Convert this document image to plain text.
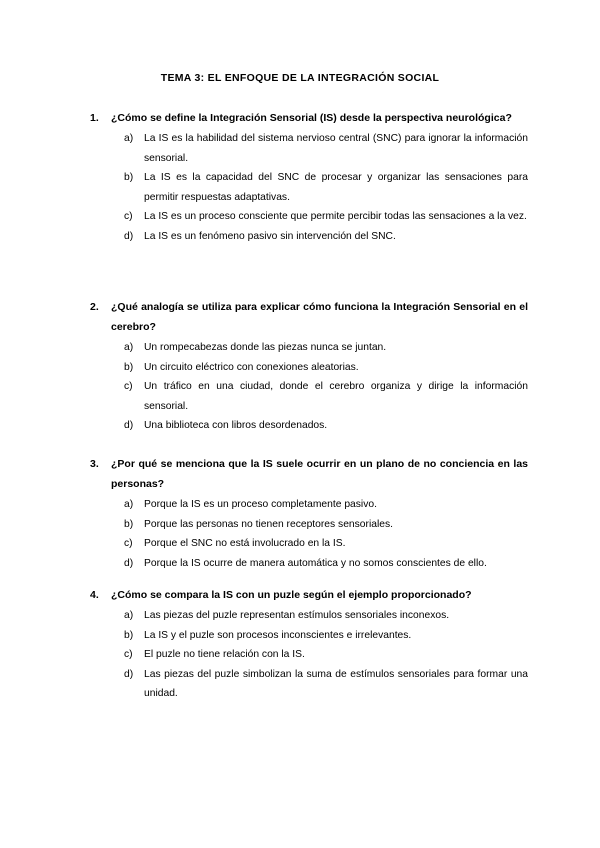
TEMA 3: EL ENFOQUE DE LA INTEGRACIÓN SOCIAL
1.	¿Cómo se define la Integración Sensorial (IS) desde la perspectiva neurológica?
a)	La IS es la habilidad del sistema nervioso central (SNC) para ignorar la información sensorial.
b)	La IS es la capacidad del SNC de procesar y organizar las sensaciones para permitir respuestas adaptativas.
c)	La IS es un proceso consciente que permite percibir todas las sensaciones a la vez.
d)	La IS es un fenómeno pasivo sin intervención del SNC.
2.	¿Qué analogía se utiliza para explicar cómo funciona la Integración Sensorial en el cerebro?
a)	Un rompecabezas donde las piezas nunca se juntan.
b)	Un circuito eléctrico con conexiones aleatorias.
c)	Un tráfico en una ciudad, donde el cerebro organiza y dirige la información sensorial.
d)	Una biblioteca con libros desordenados.
3.	¿Por qué se menciona que la IS suele ocurrir en un plano de no conciencia en las personas?
a)	Porque la IS es un proceso completamente pasivo.
b)	Porque las personas no tienen receptores sensoriales.
c)	Porque el SNC no está involucrado en la IS.
d)	Porque la IS ocurre de manera automática y no somos conscientes de ello.
4.	¿Cómo se compara la IS con un puzle según el ejemplo proporcionado?
a)	Las piezas del puzle representan estímulos sensoriales inconexos.
b)	La IS y el puzle son procesos inconscientes e irrelevantes.
c)	El puzle no tiene relación con la IS.
d)	Las piezas del puzle simbolizan la suma de estímulos sensoriales para formar una unidad.
